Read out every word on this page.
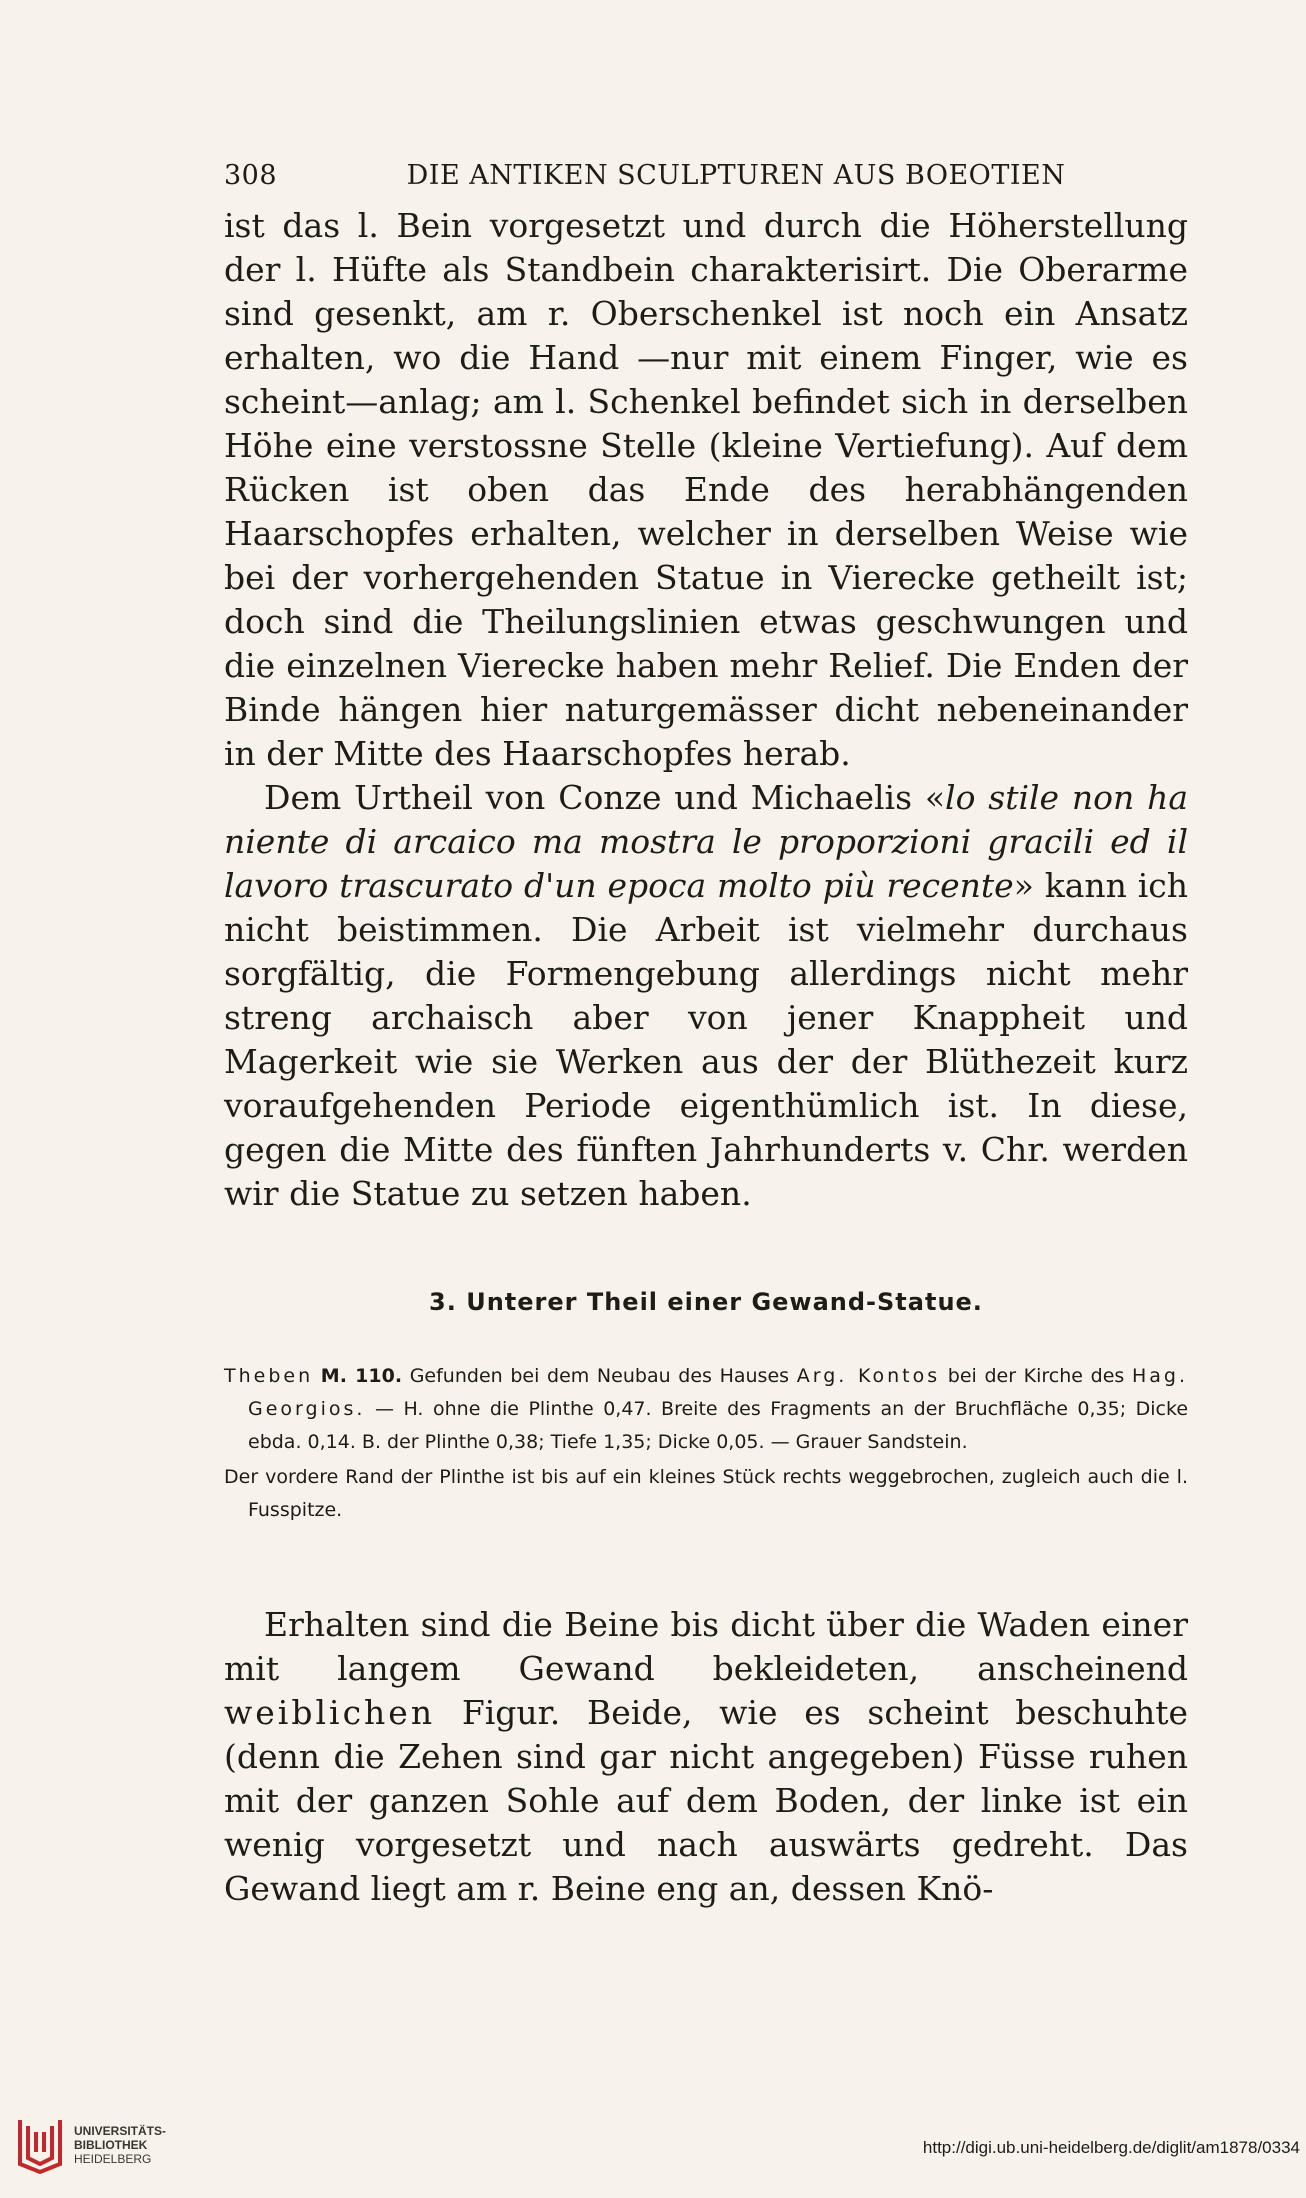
308	DIE ANTIKEN SCULPTUREN AUS BOEOTIEN

ist das l. Bein vorgesetzt und durch die Höherstellung der l. Hüfte als Standbein charakterisirt. Die Oberarme sind gesenkt, am r. Oberschenkel ist noch ein Ansatz erhalten, wo die Hand —nur mit einem Finger, wie es scheint—anlag; am l. Schenkel befindet sich in derselben Höhe eine verstossne Stelle (kleine Vertiefung). Auf dem Rücken ist oben das Ende des herabhängenden Haarschopfes erhalten, welcher in derselben Weise wie bei der vorhergehenden Statue in Vierecke getheilt ist; doch sind die Theilungslinien etwas geschwungen und die einzelnen Vierecke haben mehr Relief. Die Enden der Binde hängen hier naturgemässer dicht nebeneinander in der Mitte des Haarschopfes herab.

Dem Urtheil von Conze und Michaelis «lo stile non ha niente di arcaico ma mostra le proporzioni gracili ed il lavoro trascurato d'un epoca molto più recente» kann ich nicht beistimmen. Die Arbeit ist vielmehr durchaus sorgfältig, die Formengebung allerdings nicht mehr streng archaisch aber von jener Knappheit und Magerkeit wie sie Werken aus der der Blüthezeit kurz voraufgehenden Periode eigenthümlich ist. In diese, gegen die Mitte des fünften Jahrhunderts v. Chr. werden wir die Statue zu setzen haben.

3. Unterer Theil einer Gewand-Statue.

Theben M. 110. Gefunden bei dem Neubau des Hauses Arg. Kontos bei der Kirche des Hag. Georgios. — H. ohne die Plinthe 0,47. Breite des Fragments an der Bruchfläche 0,35; Dicke ebda. 0,14. B. der Plinthe 0,38; Tiefe 1,35; Dicke 0,05. — Grauer Sandstein.

Der vordere Rand der Plinthe ist bis auf ein kleines Stück rechts weggebrochen, zugleich auch die l. Fusspitze.

Erhalten sind die Beine bis dicht über die Waden einer mit langem Gewand bekleideten, anscheinend weiblichen Figur. Beide, wie es scheint beschuhte (denn die Zehen sind gar nicht angegeben) Füsse ruhen mit der ganzen Sohle auf dem Boden, der linke ist ein wenig vorgesetzt und nach auswärts gedreht. Das Gewand liegt am r. Beine eng an, dessen Knö-

UNIVERSITÄTS-
BIBLIOTHEK
HEIDELBERG
http://digi.ub.uni-heidelberg.de/diglit/am1878/0334
